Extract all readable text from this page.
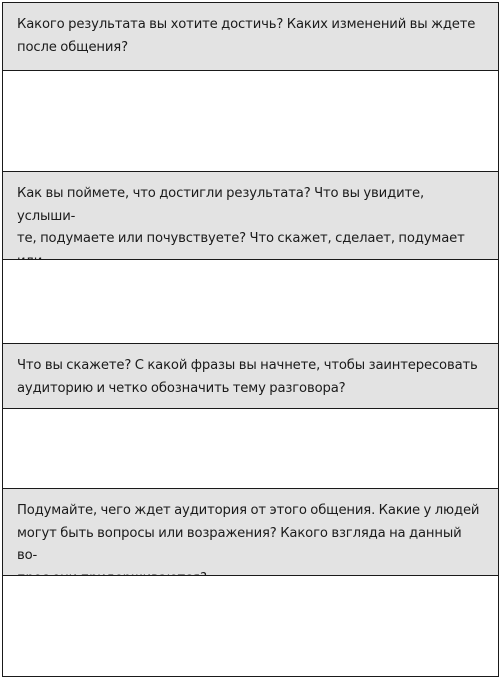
Какого результата вы хотите достичь? Каких изменений вы ждете
после общения?
Как вы поймете, что достигли результата? Что вы увидите, услыши-
те, подумаете или почувствуете? Что скажет, сделает, подумает
Что вы скажете? С какой фразы вы начнете, чтобы заинтересовать
аудиторию и четко обозначить тему разговора?
Подумайте, чего ждет аудитория от этого общения. Какие у людей
могут быть вопросы или возражения? Какого взгляда на данный во-
